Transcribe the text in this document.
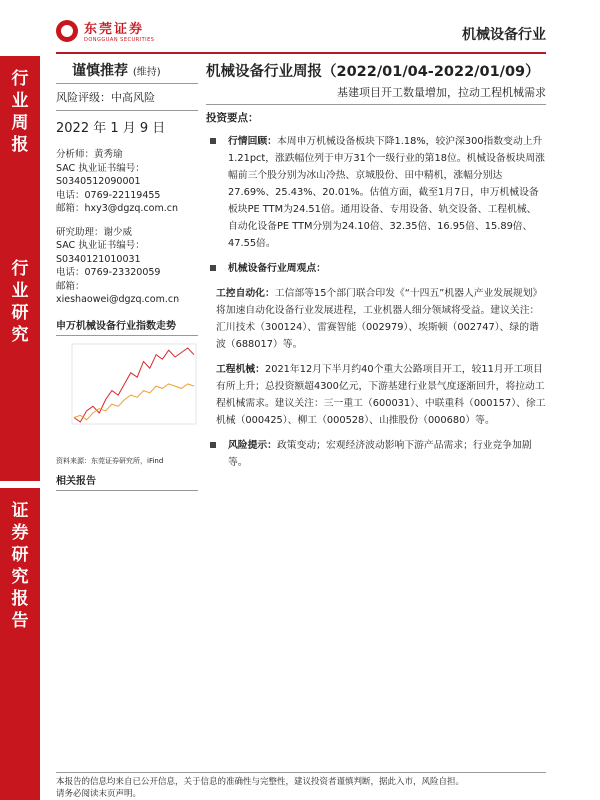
行
业
周
报
行
业
研
究
证
券
研
究
报
告
东莞证券
DONGGUAN SECURITIES	机械设备行业
谨慎推荐 (维持)
风险评级：中高风险
2022 年 1 月 9 日
分析师：黄秀瑜
SAC 执业证书编号：
S0340512090001
电话：0769-22119455
邮箱：hxy3@dgzq.com.cn
研究助理：谢少威
SAC 执业证书编号：
S0340121010031
电话：0769-23320059
邮箱：
xieshaowei@dgzq.com.cn
申万机械设备行业指数走势
资料来源：东莞证券研究所，iFind
相关报告
机械设备行业周报（2022/01/04-2022/01/09）
基建项目开工数量增加，拉动工程机械需求
投资要点：
行情回顾：本周申万机械设备板块下降1.18%，较沪深300指数变动上升1.21pct，涨跌幅位列于申万31个一级行业的第18位。机械设备板块周涨幅前三个股分别为冰山冷热、京城股份、田中精机，涨幅分别达27.69%、25.43%、20.01%。估值方面，截至1月7日，申万机械设备板块PE TTM为24.51倍。通用设备、专用设备、轨交设备、工程机械、自动化设备PE TTM分别为24.10倍、32.35倍、16.95倍、15.89倍、47.55倍。
机械设备行业周观点：
工控自动化：工信部等15个部门联合印发《“十四五”机器人产业发展规划》将加速自动化设备行业发展进程，工业机器人细分领域将受益。建议关注：汇川技术（300124）、雷赛智能（002979）、埃斯顿（002747）、绿的谐波（688017）等。
工程机械：2021年12月下半月约40个重大公路项目开工，较11月开工项目有所上升；总投资额超4300亿元，下游基建行业景气度逐渐回升，将拉动工程机械需求。建议关注：三一重工（600031）、中联重科（000157）、徐工机械（000425）、柳工（000528）、山推股份（000680）等。
风险提示：政策变动；宏观经济波动影响下游产品需求；行业竞争加剧等。
本报告的信息均来自已公开信息，关于信息的准确性与完整性，建议投资者谨慎判断，据此入市，风险自担。
请务必阅读末页声明。
